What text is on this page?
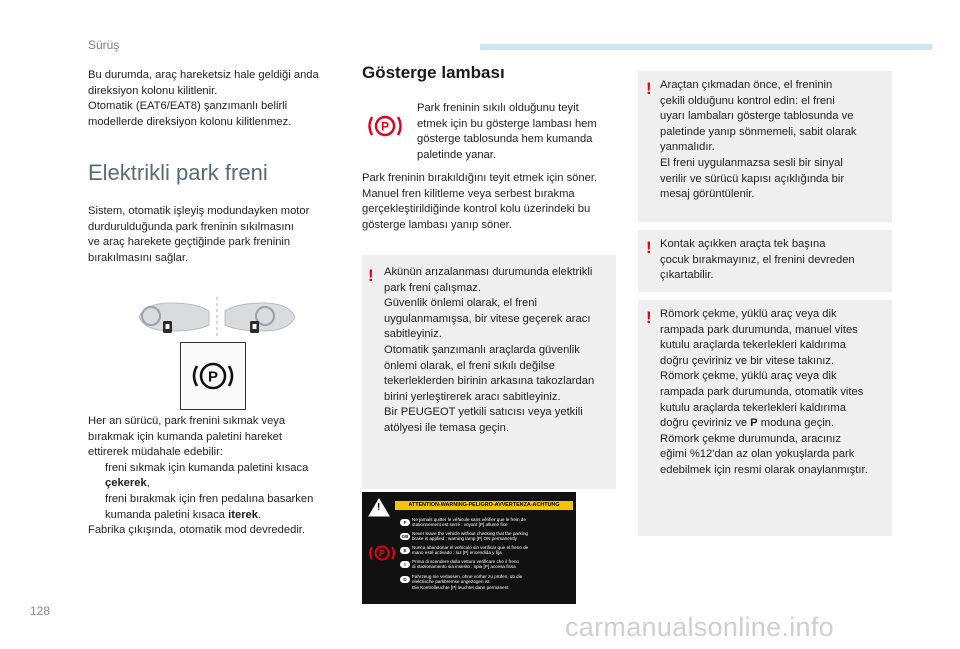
Sürüş
Bu durumda, araç hareketsiz hale geldiği anda
direksiyon kolonu kilitlenir.
Otomatik (EAT6/EAT8) şanzımanlı belirli
modellerde direksiyon kolonu kilitlenmez.
Elektrikli park freni
Sistem, otomatik işleyiş modundayken motor
durdurulduğunda park freninin sıkılmasını
ve araç harekete geçtiğinde park freninin
bırakılmasını sağlar.
P
Her an sürücü, park frenini sıkmak veya
bırakmak için kumanda paletini hareket
ettirerek müdahale edebilir:
freni sıkmak için kumanda paletini kısaca
çekerek,
freni bırakmak için fren pedalına basarken
kumanda paletini kısaca iterek.
Fabrika çıkışında, otomatik mod devrededir.
Gösterge lambası
P
Park freninin sıkılı olduğunu teyit
etmek için bu gösterge lambası hem
gösterge tablosunda hem kumanda
paletinde yanar.
Park freninin bırakıldığını teyit etmek için söner.
Manuel fren kilitleme veya serbest bırakma
gerçekleştirildiğinde kontrol kolu üzerindeki bu
gösterge lambası yanıp söner.
! Akünün arızalanması durumunda elektrikli
park freni çalışmaz.
Güvenlik önlemi olarak, el freni
uygulanmamışsa, bir vitese geçerek aracı
sabitleyiniz.
Otomatik şanzımanlı araçlarda güvenlik
önlemi olarak, el freni sıkılı değilse
tekerleklerden birinin arkasına takozlardan
birini yerleştirerek aracı sabitleyiniz.
Bir PEUGEOT yetkili satıcısı veya yetkili
atölyesi ile temasa geçin.
!	ATTENTION-WARNING-PELIGRO-AVVERTENZA-ACHTUNG
P
F
Ne jamais quitter le véhicule sans vérifier que le frein de
stationnement est serré : voyant [P] allumé fixe
GB
Never leave the vehicle without checking that the parking
brake is applied : warning lamp [P] ON permanently
E
Nunca abandonar el vehículo sin verificar que el freno de
mano esté activado : luz [P] encendida y fija
I
Prima di scendere dalla vettura verificare che il freno
di stazionamento sia inserito : spia [P] accesa fissa
D
Fahrzeug nie verlassen, ohne vorher zu prüfen, ob die
elektrische parkbremse angezogen ist.
Die Kontrolleuchte [P] leuchtet dann permanent
! Araçtan çıkmadan önce, el freninin
çekili olduğunu kontrol edin: el freni
uyarı lambaları gösterge tablosunda ve
paletinde yanıp sönmemeli, sabit olarak
yanmalıdır.
El freni uygulanmazsa sesli bir sinyal
verilir ve sürücü kapısı açıklığında bir
mesaj görüntülenir.
! Kontak açıkken araçta tek başına
çocuk bırakmayınız, el frenini devreden
çıkartabilir.
! Römork çekme, yüklü araç veya dik
rampada park durumunda, manuel vites
kutulu araçlarda tekerlekleri kaldırıma
doğru çeviriniz ve bir vitese takınız.
Römork çekme, yüklü araç veya dik
rampada park durumunda, otomatik vites
kutulu araçlarda tekerlekleri kaldırıma
doğru çeviriniz ve P moduna geçin.
Römork çekme durumunda, aracınız
eğimi %12'dan az olan yokuşlarda park
edebilmek için resmi olarak onaylanmıştır.
128
carmanualsonline.info
